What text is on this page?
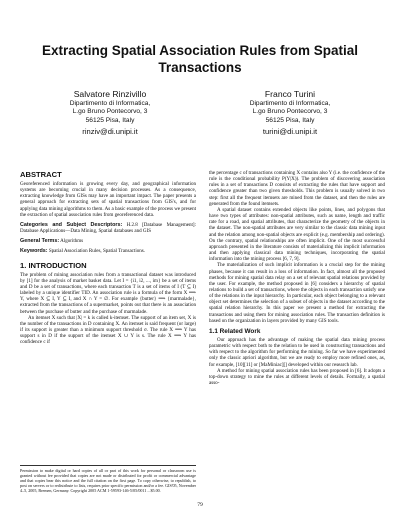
Extracting Spatial Association Rules from Spatial Transactions
Salvatore Rinzivillo
Dipartimento di Informatica,
L.go Bruno Pontecorvo, 3
56125 Pisa, Italy
rinziv@di.unipi.it
Franco Turini
Dipartimento di Informatica,
L.go Bruno Pontecorvo, 3
56125 Pisa, Italy
turini@di.unipi.it
ABSTRACT

Georeferenced information is growing every day, and geographical information systems are becoming crucial in many decision processes. As a consequence, extracting knowledge from GISs may have an important impact. The paper presents a general approach for extracting sets of spatial transactions from GIS's, and for applying data mining algorithms to them. As a basic example of the process we present the extraction of spatial association rules from georeferenced data.

Categories and Subject Descriptors: H.2.8 [Database Management]: Database Applications—Data Mining, Spatial databases and GIS

General Terms: Algorithms

Keywords: Spatial Association Rules, Spatial Transactions.

1. INTRODUCTION

The problem of mining association rules from a transactional dataset was introduced by [1] for the analysis of market basket data. Let I = {i1, i2, ..., im} be a set of items and D be a set of transactions, where each transaction T is a set of items of I (T ⊆ I) labeled by a unique identifier TID. An association rule is a formula of the form X ⟹ Y, where X ⊆ I, Y ⊆ I, and X ∩ Y = ∅. For example {butter} ⟹ {marmalade}, extracted from the transactions of a supermarket, points out that there is an association between the purchase of butter and the purchase of marmalade.

An itemset X such that |X| = k is called k-itemset. The support of an item set, X is the number of the transactions in D containing X. An itemset is said frequent (or large) if its support is greater than a minimum support threshold σ. The rule X ⟹ Y has support s in D if the support of the itemset X ∪ Y is s. The rule X ⟹ Y has confidence c if

the percentage c of transactions containing X contains also Y (i.e. the confidence of the rule is the conditional probability P(Y|X)). The problem of discovering association rules in a set of transactions D consists of extracting the rules that have support and confidence greater than two given thresholds. This problem is usually solved in two step: first all the frequent itemsets are mined from the dataset, and then the rules are generated from the found itemsets.

A spatial dataset contains extended objects like points, lines, and polygons that have two types of attributes: non-spatial attributes, such as name, length and traffic rate for a road, and spatial attributes, that characterize the geometry of the objects in the dataset. The non-spatial attributes are very similar to the classic data mining input and the relation among non-spatial objects are explicit (e.g. membership and ordering). On the contrary, spatial relationships are often implicit. One of the most successful approach presented in the literature consists of materializing this implicit information and then applying classical data mining techniques, incorporating the spatial information into the mining process [6, 7, 9].

The materialization of such implicit information is a crucial step for the mining phases, because it can result in a loss of information. In fact, almost all the proposed methods for mining spatial data relay on a set of relevant spatial relations provided by the user. For example, the method proposed in [6] considers a hierarchy of spatial relations to build a set of transactions, where the objects in each transaction satisfy one of the relations in the input hierarchy. In particular, each object belonging to a relevant object set determines the selection of a subset of objects in the dataset according to the spatial relation hierarchy. In this paper we present a method for extracting the transactions and using them for mining association rules. The transaction definition is based on the organization in layers provided by many GIS tools.

1.1 Related Work

Our approach has the advantage of making the spatial data mining process parametric with respect both to the relation to be used in constructing transactions and with respect to the algorithm for performing the mining. So far we have experimented only the classic apriori algorithm, but we are ready to employ more refined ones, as, for example, [10][11] or [MaMiniac][] developed within our research lab.

A method for mining spatial association rules has been proposed in [6]. It adopts a top-down strategy to mine the rules at different levels of details. Formally, a spatial asso-

Permission to make digital or hard copies of all or part of this work for personal or classroom use is granted without fee provided that copies are not made or distributed for profit or commercial advantage and that copies bear this notice and the full citation on the first page. To copy otherwise, to republish, to post on servers or to redistribute to lists, requires prior specific permission and/or a fee. GIS'05, November 4–5, 2005, Bremen, Germany. Copyright 2005 ACM 1-59593-146-5/05/0011 ...$5.00.
79
